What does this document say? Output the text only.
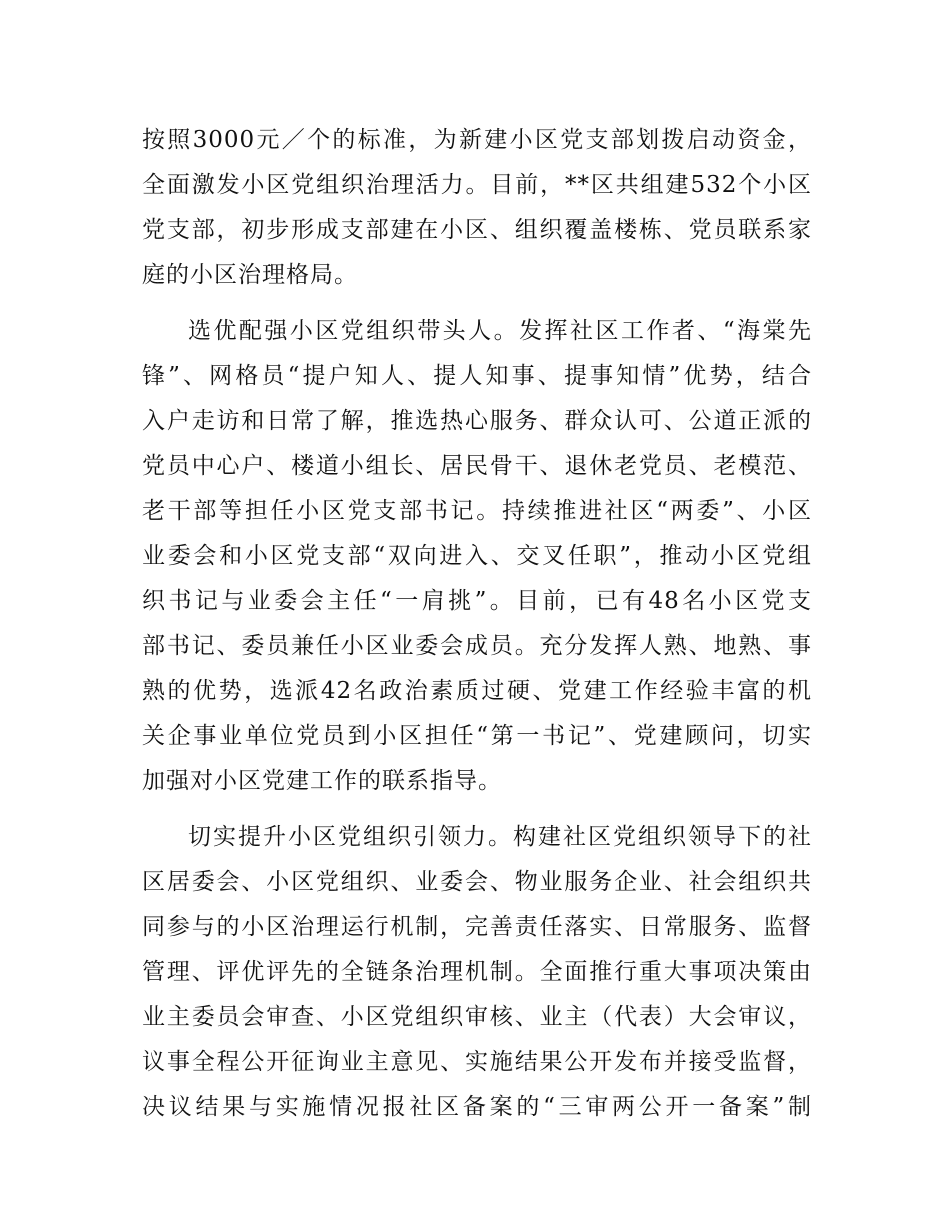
按照3000元／个的标准，为新建小区党支部划拨启动资金，
全面激发小区党组织治理活力。目前，**区共组建532个小区
党支部，初步形成支部建在小区、组织覆盖楼栋、党员联系家
庭的小区治理格局。
选优配强小区党组织带头人。发挥社区工作者、“海棠先
锋”、网格员“提户知人、提人知事、提事知情”优势，结合
入户走访和日常了解，推选热心服务、群众认可、公道正派的
党员中心户、楼道小组长、居民骨干、退休老党员、老模范、
老干部等担任小区党支部书记。持续推进社区“两委”、小区
业委会和小区党支部“双向进入、交叉任职”，推动小区党组
织书记与业委会主任“一肩挑”。目前，已有48名小区党支
部书记、委员兼任小区业委会成员。充分发挥人熟、地熟、事
熟的优势，选派42名政治素质过硬、党建工作经验丰富的机
关企事业单位党员到小区担任“第一书记”、党建顾问，切实
加强对小区党建工作的联系指导。
切实提升小区党组织引领力。构建社区党组织领导下的社
区居委会、小区党组织、业委会、物业服务企业、社会组织共
同参与的小区治理运行机制，完善责任落实、日常服务、监督
管理、评优评先的全链条治理机制。全面推行重大事项决策由
业主委员会审查、小区党组织审核、业主（代表）大会审议，
议事全程公开征询业主意见、实施结果公开发布并接受监督，
决议结果与实施情况报社区备案的“三审两公开一备案”制
